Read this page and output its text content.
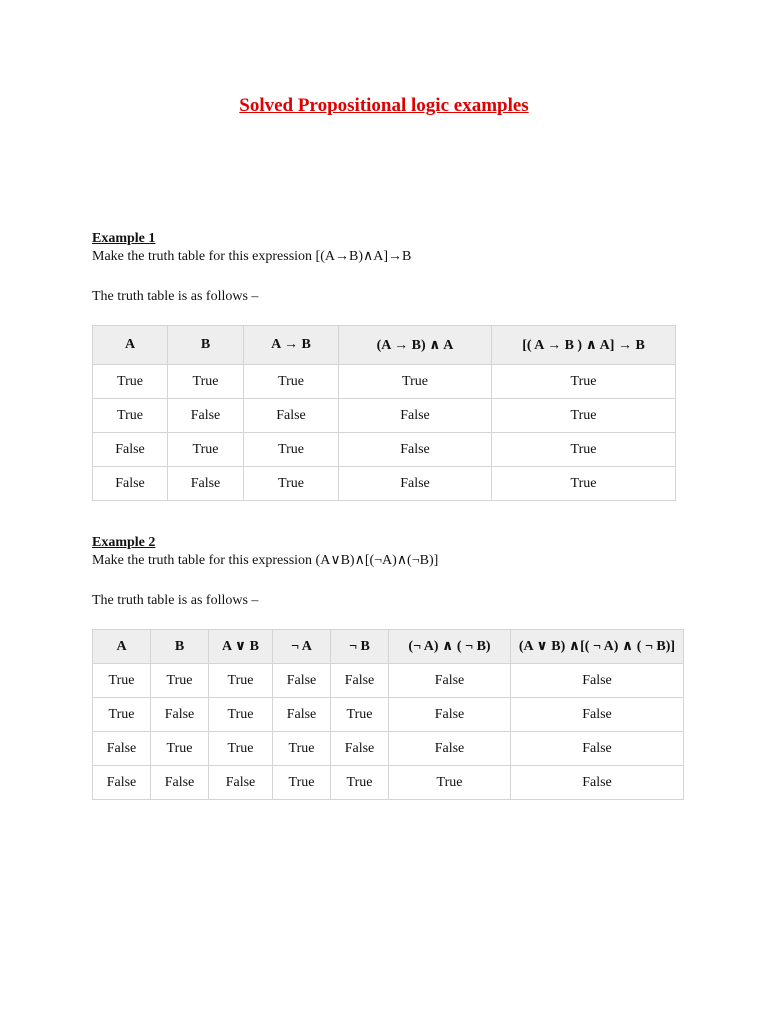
Solved Propositional logic examples

Example 1

Make the truth table for this expression [(A→B)∧A]→B

The truth table is as follows –

A	B	A → B	(A → B) ∧ A	[( A → B ) ∧ A] → B
True	True	True	True	True
True	False	False	False	True
False	True	True	False	True
False	False	True	False	True

Example 2

Make the truth table for this expression (A∨B)∧[(¬A)∧(¬B)]

The truth table is as follows –

A	B	A ∨ B	¬ A	¬ B	(¬ A) ∧ ( ¬ B)	(A ∨ B) ∧[( ¬ A) ∧ ( ¬ B)]
True	True	True	False	False	False	False
True	False	True	False	True	False	False
False	True	True	True	False	False	False
False	False	False	True	True	True	False
